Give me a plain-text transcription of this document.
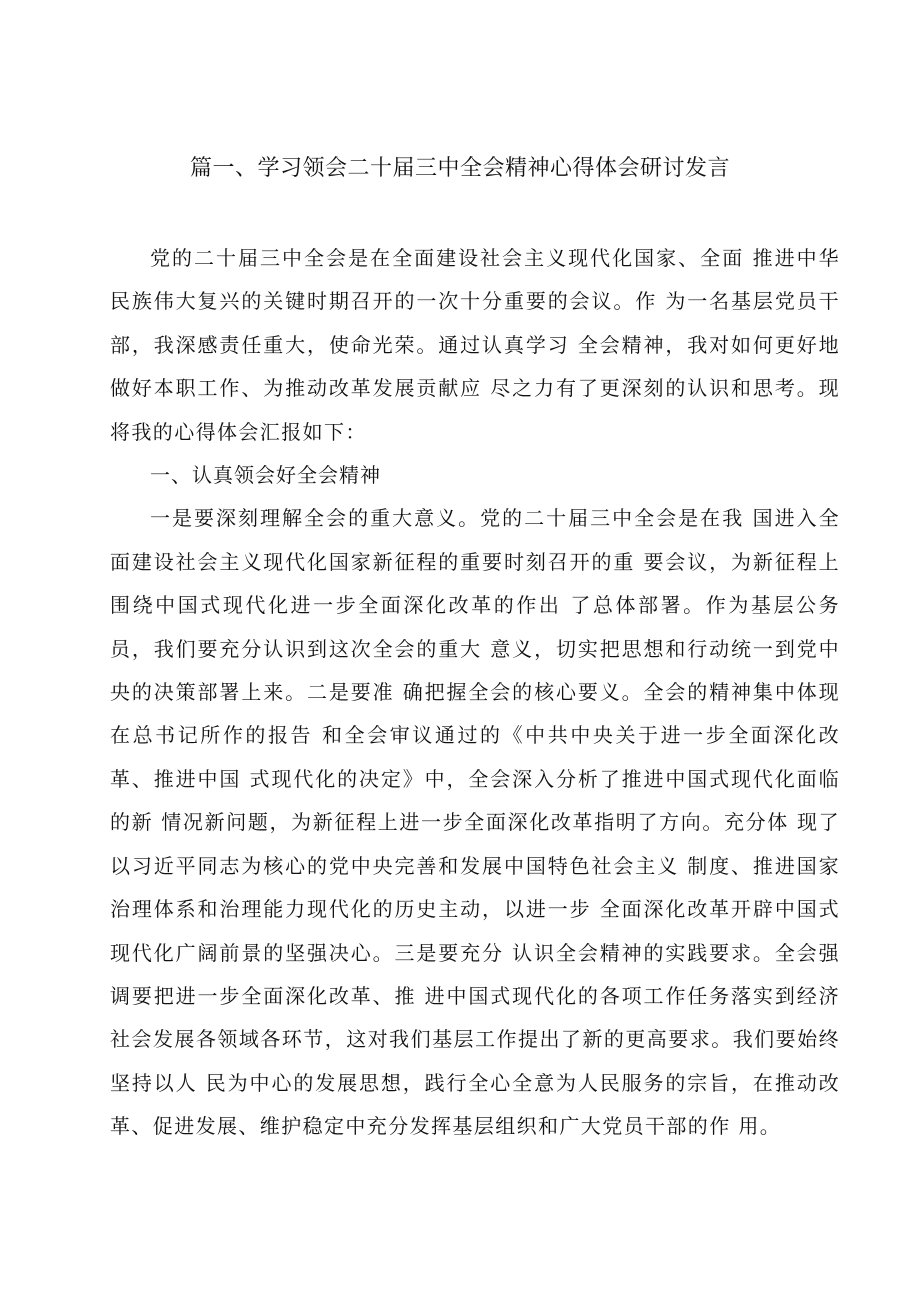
篇一、学习领会二十届三中全会精神心得体会研讨发言

党的二十届三中全会是在全面建设社会主义现代化国家、全面 推进中华民族伟大复兴的关键时期召开的一次十分重要的会议。作 为一名基层党员干部，我深感责任重大，使命光荣。通过认真学习 全会精神，我对如何更好地做好本职工作、为推动改革发展贡献应 尽之力有了更深刻的认识和思考。现将我的心得体会汇报如下：

一、认真领会好全会精神

一是要深刻理解全会的重大意义。党的二十届三中全会是在我 国进入全面建设社会主义现代化国家新征程的重要时刻召开的重 要会议，为新征程上围绕中国式现代化进一步全面深化改革的作出 了总体部署。作为基层公务员，我们要充分认识到这次全会的重大 意义，切实把思想和行动统一到党中央的决策部署上来。二是要准 确把握全会的核心要义。全会的精神集中体现在总书记所作的报告 和全会审议通过的《中共中央关于进一步全面深化改革、推进中国 式现代化的决定》中，全会深入分析了推进中国式现代化面临的新 情况新问题，为新征程上进一步全面深化改革指明了方向。充分体 现了以习近平同志为核心的党中央完善和发展中国特色社会主义 制度、推进国家治理体系和治理能力现代化的历史主动，以进一步 全面深化改革开辟中国式现代化广阔前景的坚强决心。三是要充分 认识全会精神的实践要求。全会强调要把进一步全面深化改革、推 进中国式现代化的各项工作任务落实到经济社会发展各领域各环节，这对我们基层工作提出了新的更高要求。我们要始终坚持以人 民为中心的发展思想，践行全心全意为人民服务的宗旨，在推动改 革、促进发展、维护稳定中充分发挥基层组织和广大党员干部的作 用。
